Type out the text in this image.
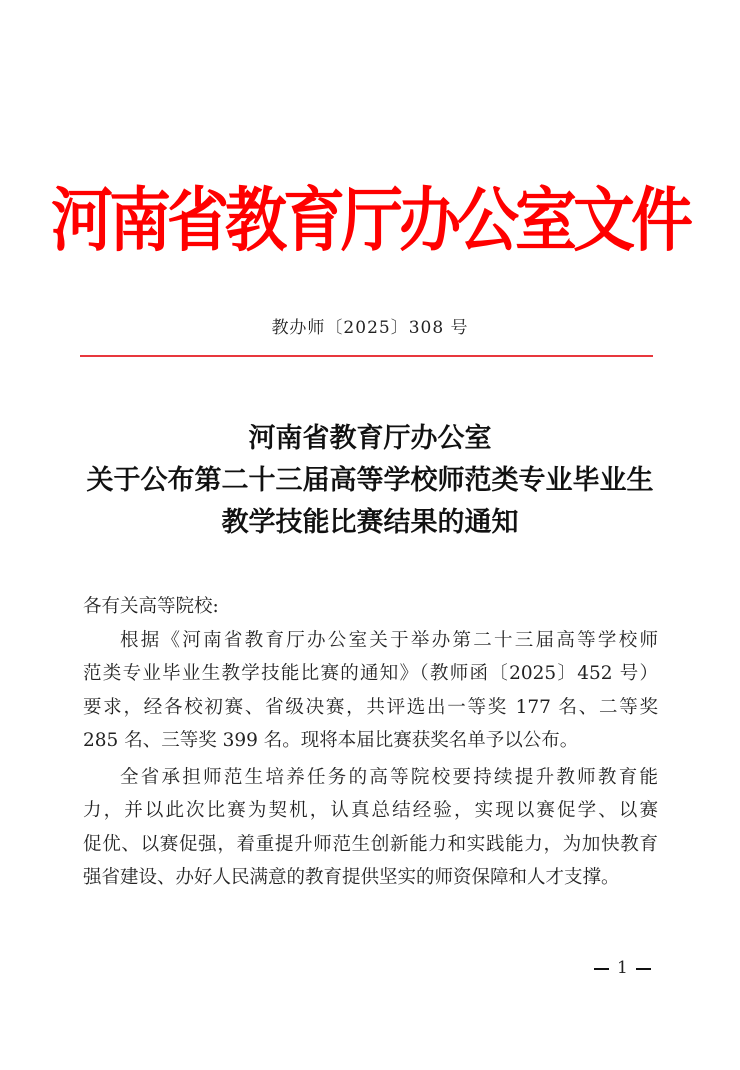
河南省教育厅办公室文件
教办师〔2025〕308 号
河南省教育厅办公室
关于公布第二十三届高等学校师范类专业毕业生
教学技能比赛结果的通知
各有关高等院校:
根据《河南省教育厅办公室关于举办第二十三届高等学校师
范类专业毕业生教学技能比赛的通知》（教师函〔2025〕452 号）
要求，经各校初赛、省级决赛，共评选出一等奖 177 名、二等奖
285 名、三等奖 399 名。现将本届比赛获奖名单予以公布。
全省承担师范生培养任务的高等院校要持续提升教师教育能
力，并以此次比赛为契机，认真总结经验，实现以赛促学、以赛
促优、以赛促强，着重提升师范生创新能力和实践能力，为加快教育
强省建设、办好人民满意的教育提供坚实的师资保障和人才支撑。
1
